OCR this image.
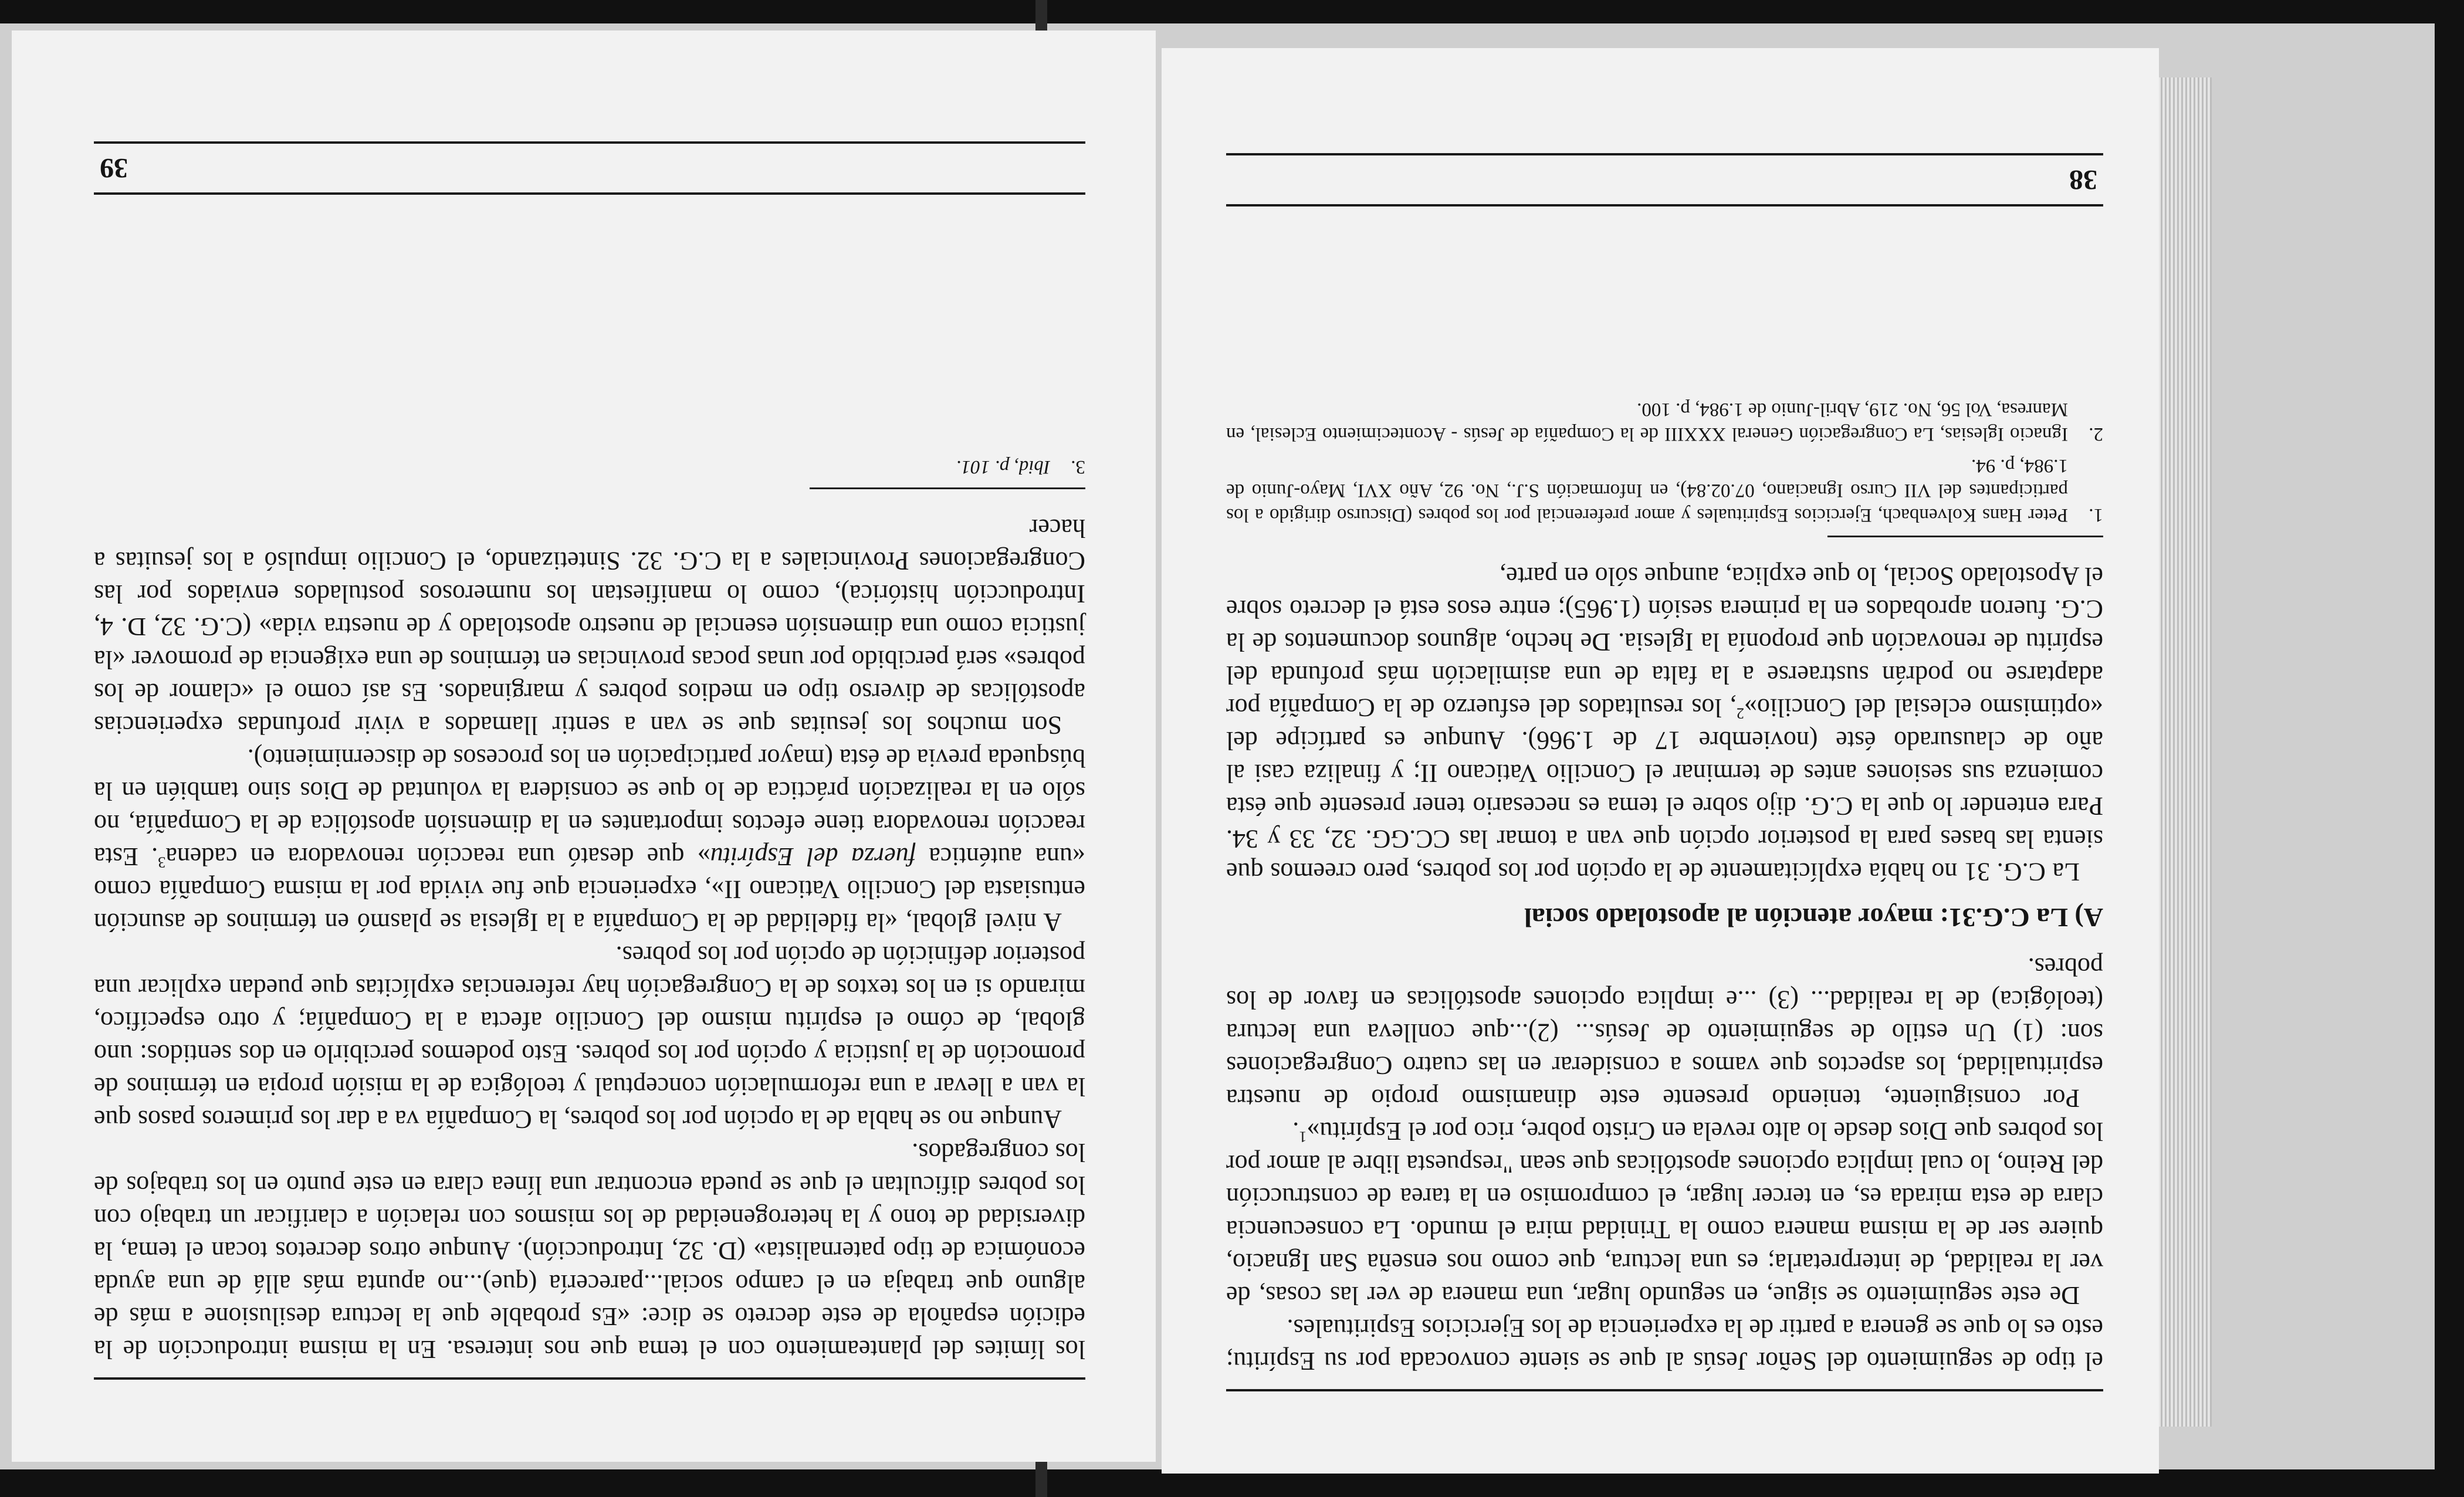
el tipo de seguimiento del Señor Jesús al que se siente convocada por su Espíritu; esto es lo que se genera a partir de la experiencia de los Ejercicios Espirituales.

De este seguimiento se sigue, en segundo lugar, una manera de ver las cosas, de ver la realidad, de interpretarla; es una lectura, que como nos enseña San Ignacio, quiere ser de la misma manera como la Trinidad mira el mundo. La consecuencia clara de esta mirada es, en tercer lugar, el compromiso en la tarea de construcción del Reino, lo cual implica opciones apostólicas que sean "respuesta libre al amor por los pobres que Dios desde lo alto revela en Cristo pobre, rico por el Espíritu»$^1$.

Por consiguiente, teniendo presente este dinamismo propio de nuestra espiritualidad, los aspectos que vamos a considerar en las cuatro Congregaciones son: (1) Un estilo de seguimiento de Jesús... (2)...que conlleva una lectura (teológica) de la realidad... (3) ...e implica opciones apostólicas en favor de los pobres.

A) La C.G.31: mayor atención al apostolado social

La C.G. 31 no había explícitamente de la opción por los pobres, pero creemos que sienta las bases para la posterior opción que van a tomar las CC.GG. 32, 33 y 34. Para entender lo que la C.G. dijo sobre el tema es necesario tener presente que ésta comienza sus sesiones antes de terminar el Concilio Vaticano II; y finaliza casi al año de clausurado éste (noviembre 17 de 1.966). Aunque es partícipe del «optimismo eclesial del Concilio»$^2$, los resultados del esfuerzo de la Compañía por adaptarse no podrán sustraerse a la falta de una asimilación más profunda del espíritu de renovación que proponía la Iglesia. De hecho, algunos documentos de la C.G. fueron aprobados en la primera sesión (1.965); entre esos está el decreto sobre el Apostolado Social, lo que explica, aunque sólo en parte,

1.
Peter Hans Kolvenbach, Ejercicios Espirituales y amor preferencial por los pobres (Discurso dirigido a los participantes del VII Curso Ignaciano, 07.02.84), en Información S.J., No. 92, Año XVI, Mayo-Junio de 1.984, p. 94.
2.
Ignacio Iglesias, La Congregación General XXXIII de la Compañía de Jesús - Acontecimiento Eclesial, en Manresa, Vol 56, No. 219, Abril-Junio de 1.984, p. 100.
38

los límites del planteamiento con el tema que nos interesa. En la misma introducción de la edición española de este decreto se dice: «Es probable que la lectura desilusione a más de alguno que trabaja en el campo social...parecería (que)...no apunta más allá de una ayuda económica de tipo paternalista» (D. 32, Introducción). Aunque otros decretos tocan el tema, la diversidad de tono y la heterogeneidad de los mismos con relación a clarificar un trabajo con los pobres dificultan el que se pueda encontrar una línea clara en este punto en los trabajos de los congregados.

Aunque no se habla de la opción por los pobres, la Compañía va a dar los primeros pasos que la van a llevar a una reformulación conceptual y teológica de la misión propia en términos de promoción de la justicia y opción por los pobres. Esto podemos percibirlo en dos sentidos: uno global, de cómo el espíritu mismo del Concilio afecta a la Compañía; y otro específico, mirando si en los textos de la Congregación hay referencias explícitas que puedan explicar una posterior definición de opción por los pobres.

A nivel global, «la fidelidad de la Compañía a la Iglesia se plasmó en términos de asunción entusiasta del Concilio Vaticano II», experiencia que fue vivida por la misma Compañía como «una auténtica fuerza del Espíritu» que desató una reacción renovadora en cadena$^3$. Esta reacción renovadora tiene efectos importantes en la dimensión apostólica de la Compañía, no sólo en la realización práctica de lo que se considera la voluntad de Dios sino también en la búsqueda previa de ésta (mayor participación en los procesos de discernimiento).

Son muchos los jesuitas que se van a sentir llamados a vivir profundas experiencias apostólicas de diverso tipo en medios pobres y marginados. Es así como el «clamor de los pobres» será percibido por unas pocas provincias en términos de una exigencia de promover «la justicia como una dimensión esencial de nuestro apostolado y de nuestra vida» (C.G. 32, D. 4, Introducción histórica), como lo manifiestan los numerosos postulados enviados por las Congregaciones Provinciales a la C.G. 32. Sintetizando, el Concilio impulsó a los jesuitas a hacer

3.
Ibid, p. 101.
39
